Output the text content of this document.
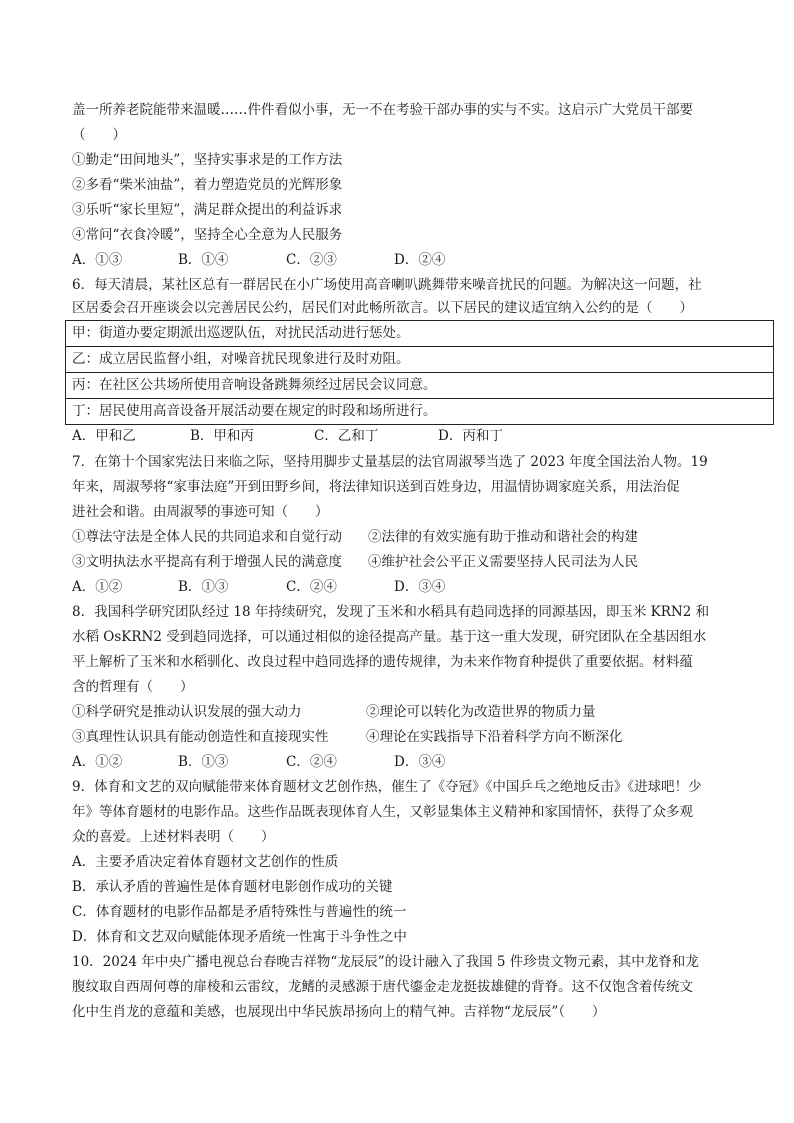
盖一所养老院能带来温暖……件件看似小事，无一不在考验干部办事的实与不实。这启示广大党员干部要
（　　）
①勤走“田间地头”，坚持实事求是的工作方法
②多看“柴米油盐”，着力塑造党员的光辉形象
③乐听“家长里短”，满足群众提出的利益诉求
④常问“衣食冷暖”，坚持全心全意为人民服务
A．①③	B．①④	C．②③	D．②④
6．每天清晨，某社区总有一群居民在小广场使用高音喇叭跳舞带来噪音扰民的问题。为解决这一问题，社
区居委会召开座谈会以完善居民公约，居民们对此畅所欲言。以下居民的建议适宜纳入公约的是（　　）
甲：街道办要定期派出巡逻队伍，对扰民活动进行惩处。
乙：成立居民监督小组，对噪音扰民现象进行及时劝阻。
丙：在社区公共场所使用音响设备跳舞须经过居民会议同意。
丁：居民使用高音设备开展活动要在规定的时段和场所进行。
A．甲和乙	B．甲和丙	C．乙和丁	D．丙和丁
7．在第十个国家宪法日来临之际，坚持用脚步丈量基层的法官周淑琴当选了 2023 年度全国法治人物。19
年来，周淑琴将“家事法庭”开到田野乡间，将法律知识送到百姓身边，用温情协调家庭关系，用法治促
进社会和谐。由周淑琴的事迹可知（　　）
①尊法守法是全体人民的共同追求和自觉行动 ②法律的有效实施有助于推动和谐社会的构建
③文明执法水平提高有利于增强人民的满意度 ④维护社会公平正义需要坚持人民司法为人民
A．①②	B．①③	C．②④	D．③④
8．我国科学研究团队经过 18 年持续研究，发现了玉米和水稻具有趋同选择的同源基因，即玉米 KRN2 和
水稻 OsKRN2 受到趋同选择，可以通过相似的途径提高产量。基于这一重大发现，研究团队在全基因组水
平上解析了玉米和水稻驯化、改良过程中趋同选择的遗传规律，为未来作物育种提供了重要依据。材料蕴
含的哲理有（　　）
①科学研究是推动认识发展的强大动力	②理论可以转化为改造世界的物质力量
③真理性认识具有能动创造性和直接现实性	④理论在实践指导下沿着科学方向不断深化
A．①②	B．①③	C．②④	D．③④
9．体育和文艺的双向赋能带来体育题材文艺创作热，催生了《夺冠》《中国乒乓之绝地反击》《进球吧！少
年》等体育题材的电影作品。这些作品既表现体育人生，又彰显集体主义精神和家国情怀，获得了众多观
众的喜爱。上述材料表明（　　）
A．主要矛盾决定着体育题材文艺创作的性质
B．承认矛盾的普遍性是体育题材电影创作成功的关键
C．体育题材的电影作品都是矛盾特殊性与普遍性的统一
D．体育和文艺双向赋能体现矛盾统一性寓于斗争性之中
10．2024 年中央广播电视总台春晚吉祥物“龙辰辰”的设计融入了我国 5 件珍贵文物元素，其中龙脊和龙
腹纹取自西周何尊的扉棱和云雷纹，龙鳍的灵感源于唐代鎏金走龙挺拔雄健的背脊。这不仅饱含着传统文
化中生肖龙的意蕴和美感，也展现出中华民族昂扬向上的精气神。吉祥物“龙辰辰”（　　）
